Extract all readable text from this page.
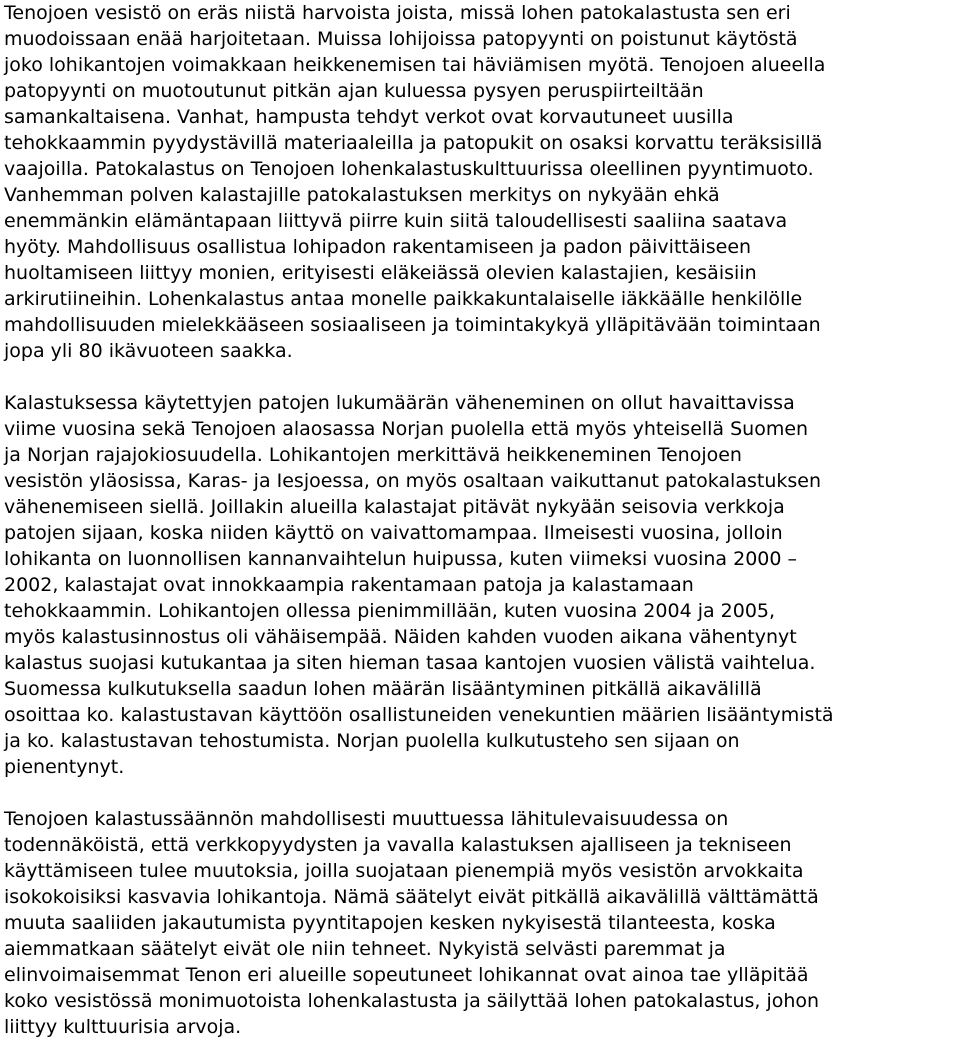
Tenojoen vesistö on eräs niistä harvoista joista, missä lohen patokalastusta sen eri
muodoissaan enää harjoitetaan. Muissa lohijoissa patopyynti on poistunut käytöstä
joko lohikantojen voimakkaan heikkenemisen tai häviämisen myötä. Tenojoen alueella
patopyynti on muotoutunut pitkän ajan kuluessa pysyen peruspiirteiltään
samankaltaisena. Vanhat, hampusta tehdyt verkot ovat korvautuneet uusilla
tehokkaammin pyydystävillä materiaaleilla ja patopukit on osaksi korvattu teräksisillä
vaajoilla. Patokalastus on Tenojoen lohenkalastuskulttuurissa oleellinen pyyntimuoto.
Vanhemman polven kalastajille patokalastuksen merkitys on nykyään ehkä
enemmänkin elämäntapaan liittyvä piirre kuin siitä taloudellisesti saaliina saatava
hyöty. Mahdollisuus osallistua lohipadon rakentamiseen ja padon päivittäiseen
huoltamiseen liittyy monien, erityisesti eläkeiässä olevien kalastajien, kesäisiin
arkirutiineihin. Lohenkalastus antaa monelle paikkakuntalaiselle iäkkäälle henkilölle
mahdollisuuden mielekkääseen sosiaaliseen ja toimintakykyä ylläpitävään toimintaan
jopa yli 80 ikävuoteen saakka.
Kalastuksessa käytettyjen patojen lukumäärän väheneminen on ollut havaittavissa
viime vuosina sekä Tenojoen alaosassa Norjan puolella että myös yhteisellä Suomen
ja Norjan rajajokiosuudella. Lohikantojen merkittävä heikkeneminen Tenojoen
vesistön yläosissa, Karas- ja Iesjoessa, on myös osaltaan vaikuttanut patokalastuksen
vähenemiseen siellä. Joillakin alueilla kalastajat pitävät nykyään seisovia verkkoja
patojen sijaan, koska niiden käyttö on vaivattomampaa. Ilmeisesti vuosina, jolloin
lohikanta on luonnollisen kannanvaihtelun huipussa, kuten viimeksi vuosina 2000 –
2002, kalastajat ovat innokkaampia rakentamaan patoja ja kalastamaan
tehokkaammin. Lohikantojen ollessa pienimmillään, kuten vuosina 2004 ja 2005,
myös kalastusinnostus oli vähäisempää. Näiden kahden vuoden aikana vähentynyt
kalastus suojasi kutukantaa ja siten hieman tasaa kantojen vuosien välistä vaihtelua.
Suomessa kulkutuksella saadun lohen määrän lisääntyminen pitkällä aikavälillä
osoittaa ko. kalastustavan käyttöön osallistuneiden venekuntien määrien lisääntymistä
ja ko. kalastustavan tehostumista. Norjan puolella kulkutusteho sen sijaan on
pienentynyt.
Tenojoen kalastussäännön mahdollisesti muuttuessa lähitulevaisuudessa on
todennäköistä, että verkkopyydysten ja vavalla kalastuksen ajalliseen ja tekniseen
käyttämiseen tulee muutoksia, joilla suojataan pienempiä myös vesistön arvokkaita
isokokoisiksi kasvavia lohikantoja. Nämä säätelyt eivät pitkällä aikavälillä välttämättä
muuta saaliiden jakautumista pyyntitapojen kesken nykyisestä tilanteesta, koska
aiemmatkaan säätelyt eivät ole niin tehneet. Nykyistä selvästi paremmat ja
elinvoimaisemmat Tenon eri alueille sopeutuneet lohikannat ovat ainoa tae ylläpitää
koko vesistössä monimuotoista lohenkalastusta ja säilyttää lohen patokalastus, johon
liittyy kulttuurisia arvoja.
